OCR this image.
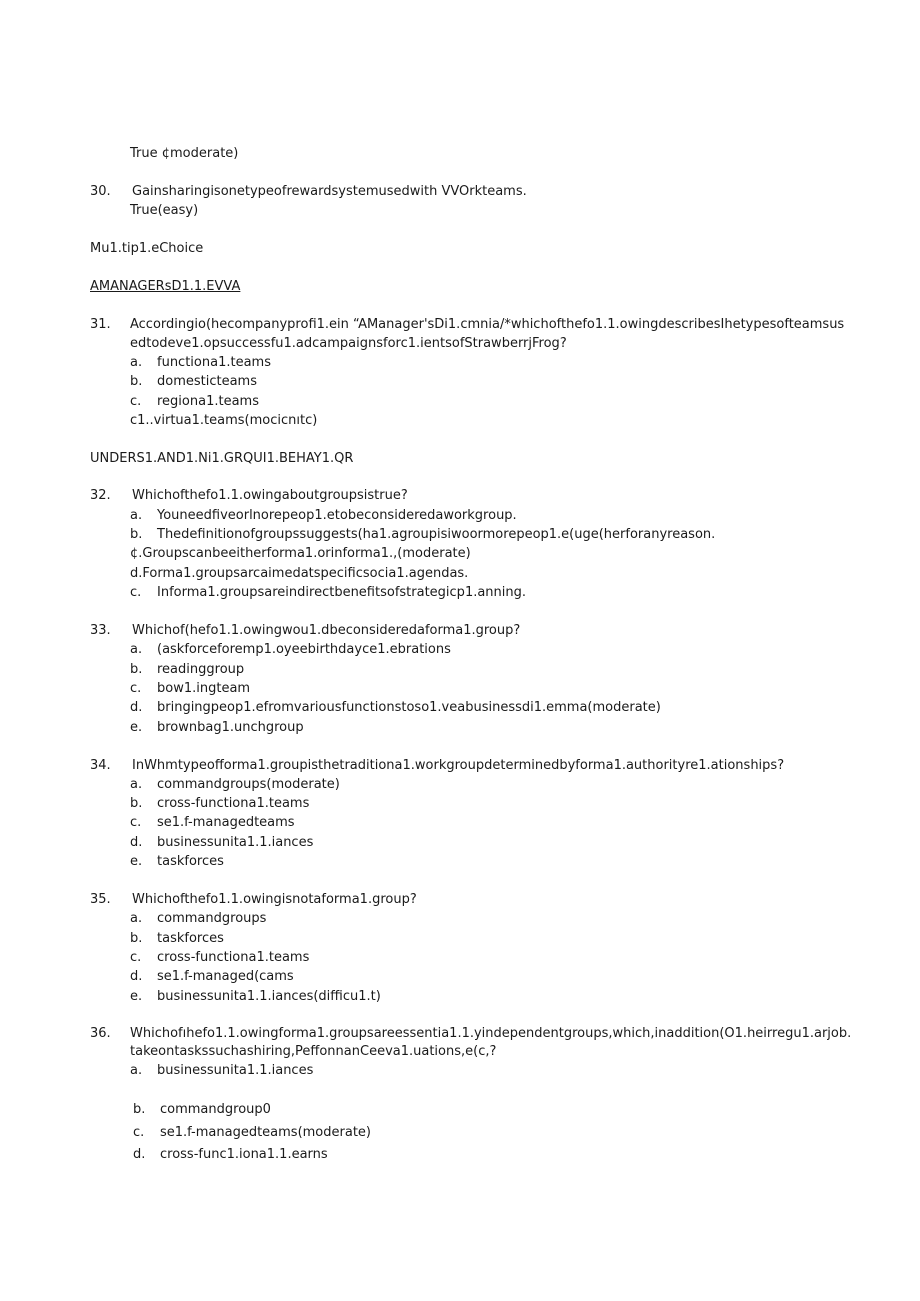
True ¢moderate)
30. Gainsharingisonetypeofrewardsystemusedwith VVOrkteams.
True(easy)
Mu1.tip1.eChoice
AMANAGERsD1.1.EVVA
31. Accordingio(hecompanyprofi1.ein “AManager'sDi1.cmnia/*whichofthefo1.1.owingdescribesIhetypesofteamsus
edtodeve1.opsuccessfu1.adcampaignsforc1.ientsofStrawberrjFrog?
a. functiona1.teams
b. domesticteams
c. regiona1.teams
c1..virtua1.teams(mocicnıtc)
UNDERS1.AND1.Ni1.GRQUI1.BEHAY1.QR
32. Whichofthefo1.1.owingaboutgroupsistrue?
a. Youneedfiveorlnorepeop1.etobeconsideredaworkgroup.
b. Thedefinitionofgroupssuggests(ha1.agroupisiwoormorepeop1.e(uge(herforanyreason.
¢.Groupscanbeeitherforma1.orinforma1.,(moderate)
d.Forma1.groupsarcaimedatspecificsocia1.agendas.
c. Informa1.groupsareindirectbenefitsofstrategicp1.anning.
33. Whichof(hefo1.1.owingwou1.dbeconsideredaforma1.group?
a. (askforceforemp1.oyeebirthdayce1.ebrations
b. readinggroup
c. bow1.ingteam
d. bringingpeop1.efromvariousfunctionstoso1.veabusinessdi1.emma(moderate)
e. brownbag1.unchgroup
34. InWhmtypeofforma1.groupisthetraditiona1.workgroupdeterminedbyforma1.authorityre1.ationships?
a. commandgroups(moderate)
b. cross-functiona1.teams
c. se1.f-managedteams
d. businessunita1.1.iances
e. taskforces
35. Whichofthefo1.1.owingisnotaforma1.group?
a. commandgroups
b. taskforces
c. cross-functiona1.teams
d. se1.f-managed(cams
e. businessunita1.1.iances(difficu1.t)
36. Whichofıhefo1.1.owingforma1.groupsareessentia1.1.yindependentgroups,which,inaddition(O1.heirregu1.arjob.
takeontaskssuchashiring,PeffonnanCeeva1.uations,e(c,?
a. businessunita1.1.iances
b. commandgroup0
c. se1.f-managedteams(moderate)
d. cross-func1.iona1.1.earns
